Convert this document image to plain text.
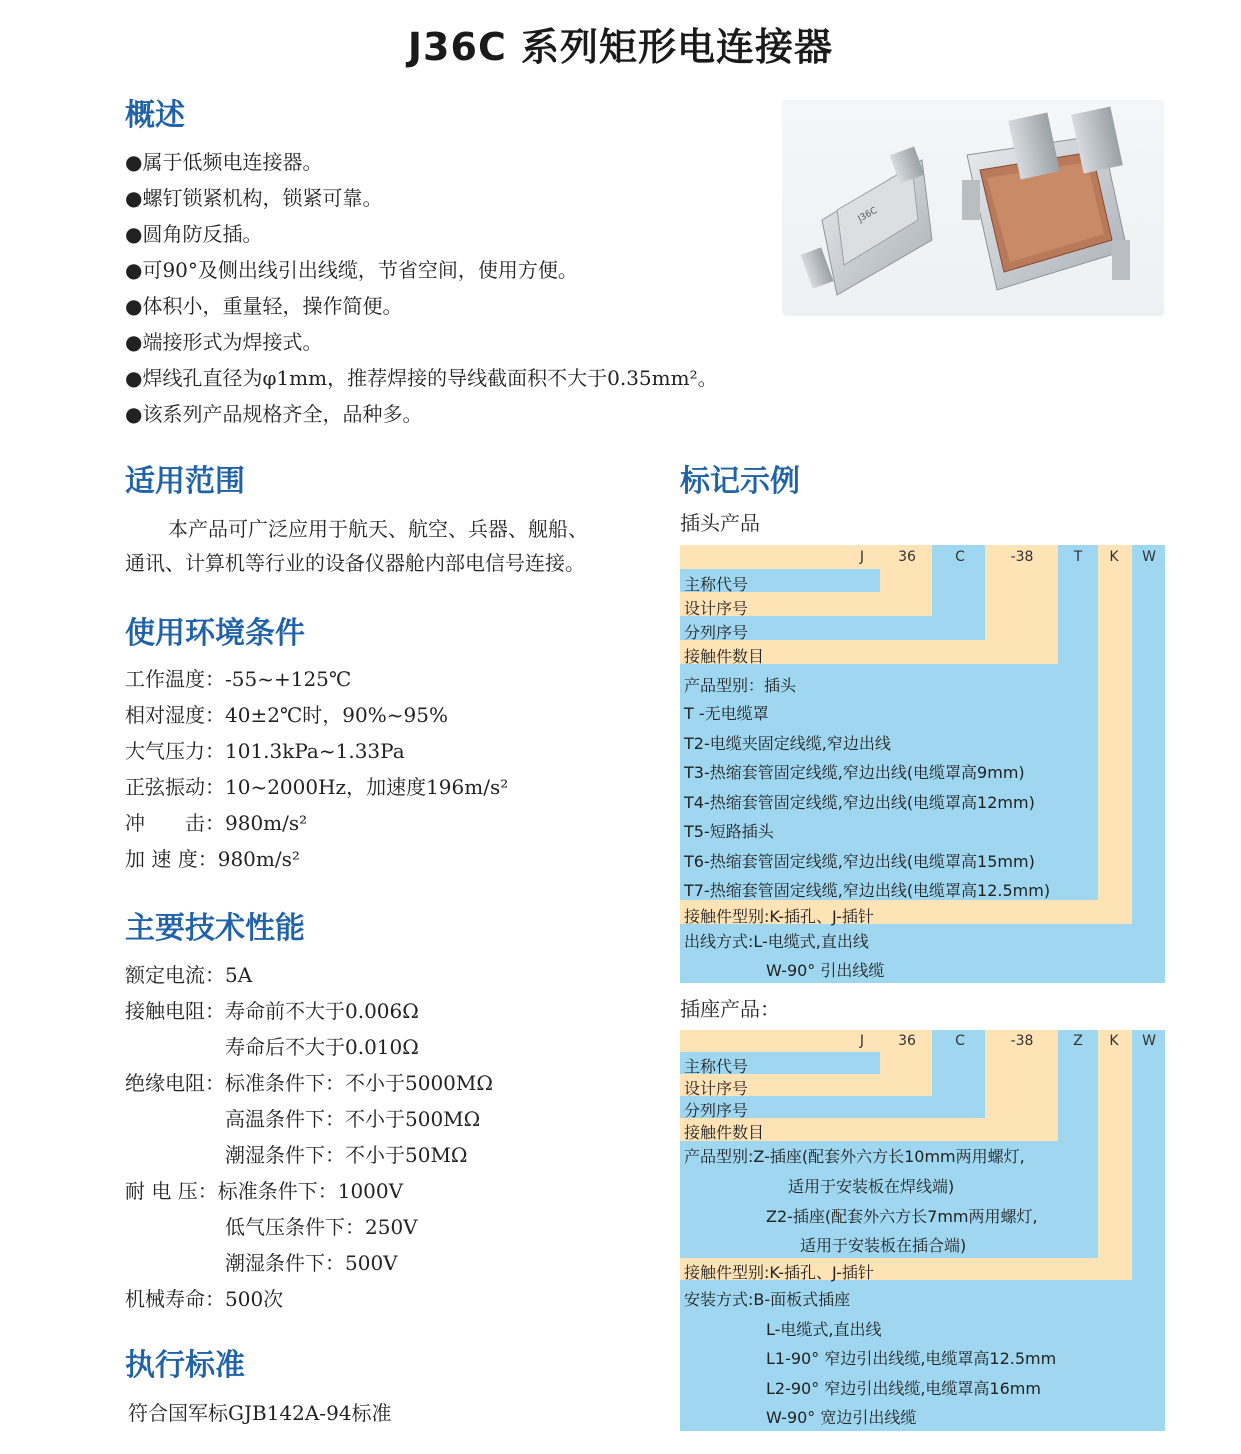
J36C 系列矩形电连接器
概述
●属于低频电连接器。
●螺钉锁紧机构，锁紧可靠。
●圆角防反插。
●可90°及侧出线引出线缆，节省空间，使用方便。
●体积小，重量轻，操作简便。
●端接形式为焊接式。
●焊线孔直径为φ1mm，推荐焊接的导线截面积不大于0.35mm²。
●该系列产品规格齐全，品种多。
J36C
适用范围
本产品可广泛应用于航天、航空、兵器、舰船、
通讯、计算机等行业的设备仪器舱内部电信号连接。
使用环境条件
工作温度：-55~+125℃
相对湿度：40±2℃时，90%~95%
大气压力：101.3kPa~1.33Pa
正弦振动：10~2000Hz，加速度196m/s²
冲　　击：980m/s²
加 速 度：980m/s²
主要技术性能
额定电流：5A
接触电阻：寿命前不大于0.006Ω
　　　　　寿命后不大于0.010Ω
绝缘电阻：标准条件下：不小于5000MΩ
　　　　　高温条件下：不小于500MΩ
　　　　　潮湿条件下：不小于50MΩ
耐 电 压：标准条件下：1000V
　　　　　低气压条件下：250V
　　　　　潮湿条件下：500V
机械寿命：500次
执行标准
符合国军标GJB142A-94标准
标记示例
插头产品
J	36	C	-38	T	K	W
主称代号
设计序号
分列序号
接触件数目
产品型别：插头
T -无电缆罩
T2-电缆夹固定线缆,窄边出线
T3-热缩套管固定线缆,窄边出线(电缆罩高9mm)
T4-热缩套管固定线缆,窄边出线(电缆罩高12mm)
T5-短路插头
T6-热缩套管固定线缆,窄边出线(电缆罩高15mm)
T7-热缩套管固定线缆,窄边出线(电缆罩高12.5mm)
接触件型别:K-插孔、J-插针
出线方式:L-电缆式,直出线
W-90° 引出线缆
插座产品：
J	36	C	-38	Z	K	W
主称代号
设计序号
分列序号
接触件数目
产品型别:Z-插座(配套外六方长10mm两用螺灯,
适用于安装板在焊线端)
Z2-插座(配套外六方长7mm两用螺灯,
适用于安装板在插合端)
接触件型别:K-插孔、J-插针
安装方式:B-面板式插座
L-电缆式,直出线
L1-90° 窄边引出线缆,电缆罩高12.5mm
L2-90° 窄边引出线缆,电缆罩高16mm
W-90° 宽边引出线缆
